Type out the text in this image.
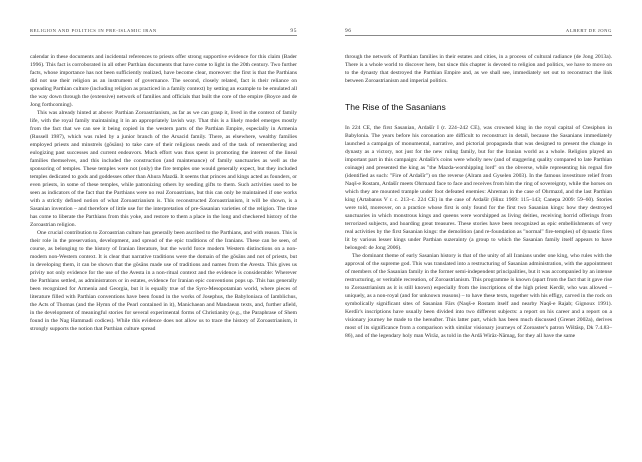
RELIGION AND POLITICS IN PRE-ISLAMIC IRAN	95

calendar in these documents and incidental references to priests offer strong supportive evidence for this claim (Bader 1996). This fact is corroborated in all other Parthian documents that have come to light in the 20th century. Two further facts, whose importance has not been sufficiently realized, have become clear, moreover: the first is that the Parthians did not use their religion as an instrument of governance. The second, closely related, fact is their reliance on spreading Parthian culture (including religion as practiced in a family context) by setting an example to be emulated all the way down through the (extensive) network of families and officials that built the core of the empire (Boyce and de Jong forthcoming).

This was already hinted at above: Parthian Zoroastrianism, as far as we can grasp it, lived in the context of family life, with the royal family maintaining it in an appropriately lavish way. That this is a likely model emerges mostly from the fact that we can see it being copied in the western parts of the Parthian Empire, especially in Armenia (Russell 1987), which was ruled by a junior branch of the Arsacid family. There, as elsewhere, wealthy families employed priests and minstrels (gōsāns) to take care of their religious needs and of the task of remembering and eulogizing past successes and current endeavors. Much effort was thus spent in promoting the interest of the lineal families themselves, and this included the construction (and maintenance) of family sanctuaries as well as the sponsoring of temples. These temples were not (only) the fire temples one would generally expect, but they included temples dedicated to gods and goddesses other than Ahura Mazdā. It seems that princes and kings acted as founders, or even priests, in some of these temples, while patronizing others by sending gifts to them. Such activities used to be seen as indicators of the fact that the Parthians were no real Zoroastrians, but this can only be maintained if one works with a strictly defined notion of what Zoroastrianism is. This reconstructed Zoroastrianism, it will be shown, is a Sasanian invention – and therefore of little use for the interpretation of pre-Sasanian varieties of the religion. The time has come to liberate the Parthians from this yoke, and restore to them a place in the long and checkered history of the Zoroastrian religion.

One crucial contribution to Zoroastrian culture has generally been ascribed to the Parthians, and with reason. This is their role in the preservation, development, and spread of the epic traditions of the Iranians. These can be seen, of course, as belonging to the history of Iranian literature, but the world force modern Western distinctions on a non-modern non-Western context. It is clear that narrative traditions were the domain of the gōsāns and not of priests, but in developing them, it can be shown that the gōsāns made use of traditions and names from the Avesta. This gives us privity not only evidence for the use of the Avesta in a non-ritual context and the evidence is considerable: Wherever the Parthians settled, as administrators or in estates, evidence for Iranian epic conventions pops up. This has generally been recognized for Armenia and Georgia, but it is equally true of the Syro-Mesopotamian world, where pieces of literature filled with Parthian conventions have been found in the works of Josephus, the Babyloniaca of Iamblichus, the Acts of Thomas (and the Hymn of the Pearl contained in it), Manichaean and Mandaean texts, and, further afield, in the development of meaningful stories for several experimental forms of Christianity (e.g., the Paraphrase of Shem found in the Nag Hammadi codices). While this evidence does not allow us to trace the history of Zoroastrianism, it strongly supports the notion that Parthian culture spread

96	ALBERT DE JONG

through the network of Parthian families in their estates and cities, in a process of cultural radiance (de Jong 2013a). There is a whole world to discover here, but since this chapter is devoted to religion and politics, we have to move on to the dynasty that destroyed the Parthian Empire and, as we shall see, immediately set out to reconstruct the link between Zoroastrianism and imperial politics.

The Rise of the Sasanians

In 224 CE, the first Sasanian, Ardašīr I (r. 224–242 CE), was crowned king in the royal capital of Ctesiphon in Babylonia. The years before his coronation are difficult to reconstruct in detail, because the Sasanians immediately launched a campaign of monumental, narrative, and pictorial propaganda that was designed to present the change in dynasty as a victory, not just for the new ruling family, but for the Iranian world as a whole. Religion played an important part in this campaign: Ardašīr's coins were wholly new (and of staggering quality compared to late Parthian coinage) and presented the king as "the Mazda-worshipping lord" on the obverse, while representing his regnal fire (identified as such: "Fire of Ardašīr") on the reverse (Alram and Gyselen 2003). In the famous investiture relief from Naqš-e Rostam, Ardašīr meets Ohrmazd face to face and receives from him the ring of sovereignty, while the horses on which they are mounted trample under foot defeated enemies: Ahreman in the case of Ohrmazd, and the last Parthian king (Artabanus V r. c. 213–c. 224 CE) in the case of Ardašīr (Hinz 1969: 115–143; Canepa 2009: 59–60). Stories were told, moreover, on a practice whose first is only found for the first two Sasanian kings: how they destroyed sanctuaries in which monstrous kings and queens were worshipped as living deities, receiving horrid offerings from terrorized subjects, and hoarding great treasures. These stories have been recognized as epic embellishments of very real activities by the first Sasanian kings: the demolition (and re-foundation as "normal" fire-temples) of dynastic fires lit by various lesser kings under Parthian suzerainty (a group to which the Sasanian family itself appears to have belonged: de Jong 2006).

The dominant theme of early Sasanian history is that of the unity of all Iranians under one king, who rules with the approval of the supreme god. This was translated into a restructuring of Sasanian administration, with the appointment of members of the Sasanian family in the former semi-independent principalities, but it was accompanied by an intense restructuring, or veritable recreation, of Zoroastrianism. This programme is known (apart from the fact that it gave rise to Zoroastrianism as it is still known) especially from the inscriptions of the high priest Kerdīr, who was allowed – uniquely, as a non-royal (and for unknown reasons) – to have these texts, together with his effigy, carved in the rock on symbolically significant sites of Sasanian Fārs (Naqš-e Rostam itself and nearby Naqš-e Rajab; Gignoux 1991). Kerdīr's inscriptions have usually been divided into two different subjects: a report on his career and a report on a visionary journey he made to the hereafter. This latter part, which has been much discussed (Grenet 2002a), derives most of its significance from a comparison with similar visionary journeys of Zoroaster's patron Wištāsp, Dk 7.4.83–86), and of the legendary holy man Wirāz, as told in the Ardā Wirāz-Nāmag, for they all have the same
